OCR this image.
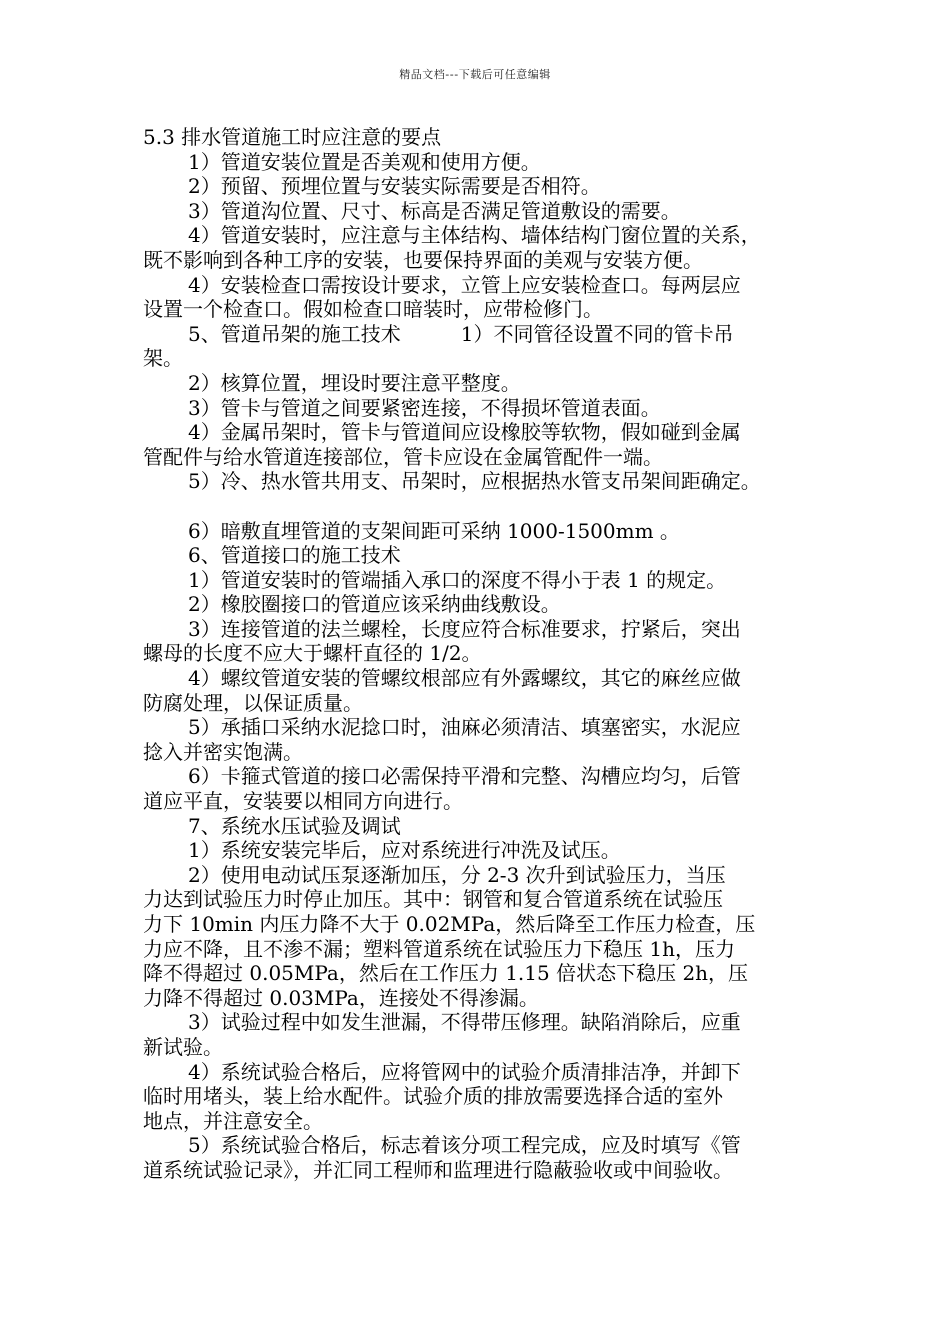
精品文档---下载后可任意编辑

5.3 排水管道施工时应注意的要点

1）管道安装位置是否美观和使用方便。

2）预留、预埋位置与安装实际需要是否相符。

3）管道沟位置、尺寸、标高是否满足管道敷设的需要。

4）管道安装时，应注意与主体结构、墙体结构门窗位置的关系，

既不影响到各种工序的安装，也要保持界面的美观与安装方便。

4）安装检查口需按设计要求，立管上应安装检查口。每两层应

设置一个检查口。假如检查口暗装时，应带检修门。

5、管道吊架的施工技术　　　1）不同管径设置不同的管卡吊

架。

2）核算位置，埋设时要注意平整度。

3）管卡与管道之间要紧密连接，不得损坏管道表面。

4）金属吊架时，管卡与管道间应设橡胶等软物，假如碰到金属

管配件与给水管道连接部位，管卡应设在金属管配件一端。

5）冷、热水管共用支、吊架时，应根据热水管支吊架间距确定。

6）暗敷直埋管道的支架间距可采纳 1000-1500mm 。

6、管道接口的施工技术

1）管道安装时的管端插入承口的深度不得小于表 1 的规定。

2）橡胶圈接口的管道应该采纳曲线敷设。

3）连接管道的法兰螺栓，长度应符合标准要求，拧紧后，突出

螺母的长度不应大于螺杆直径的 1/2。

4）螺纹管道安装的管螺纹根部应有外露螺纹，其它的麻丝应做

防腐处理，以保证质量。

5）承插口采纳水泥捻口时，油麻必须清洁、填塞密实，水泥应

捻入并密实饱满。

6）卡箍式管道的接口必需保持平滑和完整、沟槽应均匀，后管

道应平直，安装要以相同方向进行。

7、系统水压试验及调试

1）系统安装完毕后，应对系统进行冲洗及试压。

2）使用电动试压泵逐渐加压，分 2-3 次升到试验压力，当压

力达到试验压力时停止加压。其中：钢管和复合管道系统在试验压

力下 10min 内压力降不大于 0.02MPa，然后降至工作压力检查，压

力应不降，且不渗不漏；塑料管道系统在试验压力下稳压 1h，压力

降不得超过 0.05MPa，然后在工作压力 1.15 倍状态下稳压 2h，压

力降不得超过 0.03MPa，连接处不得渗漏。

3）试验过程中如发生泄漏，不得带压修理。缺陷消除后，应重

新试验。

4）系统试验合格后，应将管网中的试验介质清排洁净，并卸下

临时用堵头，装上给水配件。试验介质的排放需要选择合适的室外

地点，并注意安全。

5）系统试验合格后，标志着该分项工程完成，应及时填写《管

道系统试验记录》，并汇同工程师和监理进行隐蔽验收或中间验收。
